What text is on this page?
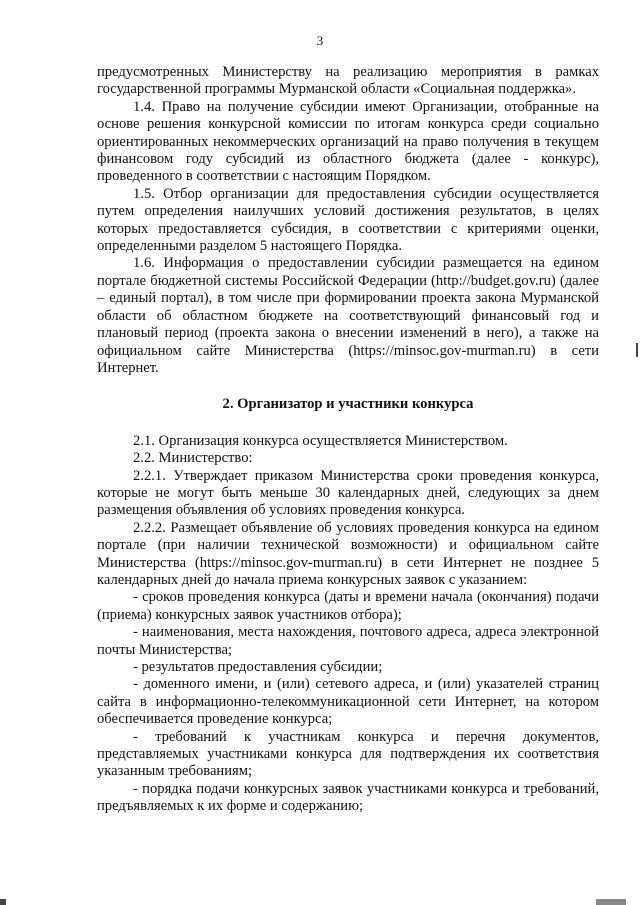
3

предусмотренных Министерству на реализацию мероприятия в рамках государственной программы Мурманской области «Социальная поддержка».

1.4. Право на получение субсидии имеют Организации, отобранные на основе решения конкурсной комиссии по итогам конкурса среди социально ориентированных некоммерческих организаций на право получения в текущем финансовом году субсидий из областного бюджета (далее - конкурс), проведенного в соответствии с настоящим Порядком.

1.5. Отбор организации для предоставления субсидии осуществляется путем определения наилучших условий достижения результатов, в целях которых предоставляется субсидия, в соответствии с критериями оценки, определенными разделом 5 настоящего Порядка.

1.6. Информация о предоставлении субсидии размещается на едином портале бюджетной системы Российской Федерации (http://budget.gov.ru) (далее – единый портал), в том числе при формировании проекта закона Мурманской области об областном бюджете на соответствующий финансовый год и плановый период (проекта закона о внесении изменений в него), а также на официальном сайте Министерства (https://minsoc.gov-murman.ru) в сети Интернет.

2. Организатор и участники конкурса

2.1. Организация конкурса осуществляется Министерством.

2.2. Министерство:

2.2.1. Утверждает приказом Министерства сроки проведения конкурса, которые не могут быть меньше 30 календарных дней, следующих за днем размещения объявления об условиях проведения конкурса.

2.2.2. Размещает объявление об условиях проведения конкурса на едином портале (при наличии технической возможности) и официальном сайте Министерства (https://minsoc.gov-murman.ru) в сети Интернет не позднее 5 календарных дней до начала приема конкурсных заявок с указанием:

- сроков проведения конкурса (даты и времени начала (окончания) подачи (приема) конкурсных заявок участников отбора);

- наименования, места нахождения, почтового адреса, адреса электронной почты Министерства;

- результатов предоставления субсидии;

- доменного имени, и (или) сетевого адреса, и (или) указателей страниц сайта в информационно-телекоммуникационной сети Интернет, на котором обеспечивается проведение конкурса;

- требований к участникам конкурса и перечня документов, представляемых участниками конкурса для подтверждения их соответствия указанным требованиям;

- порядка подачи конкурсных заявок участниками конкурса и требований, предъявляемых к их форме и содержанию;
